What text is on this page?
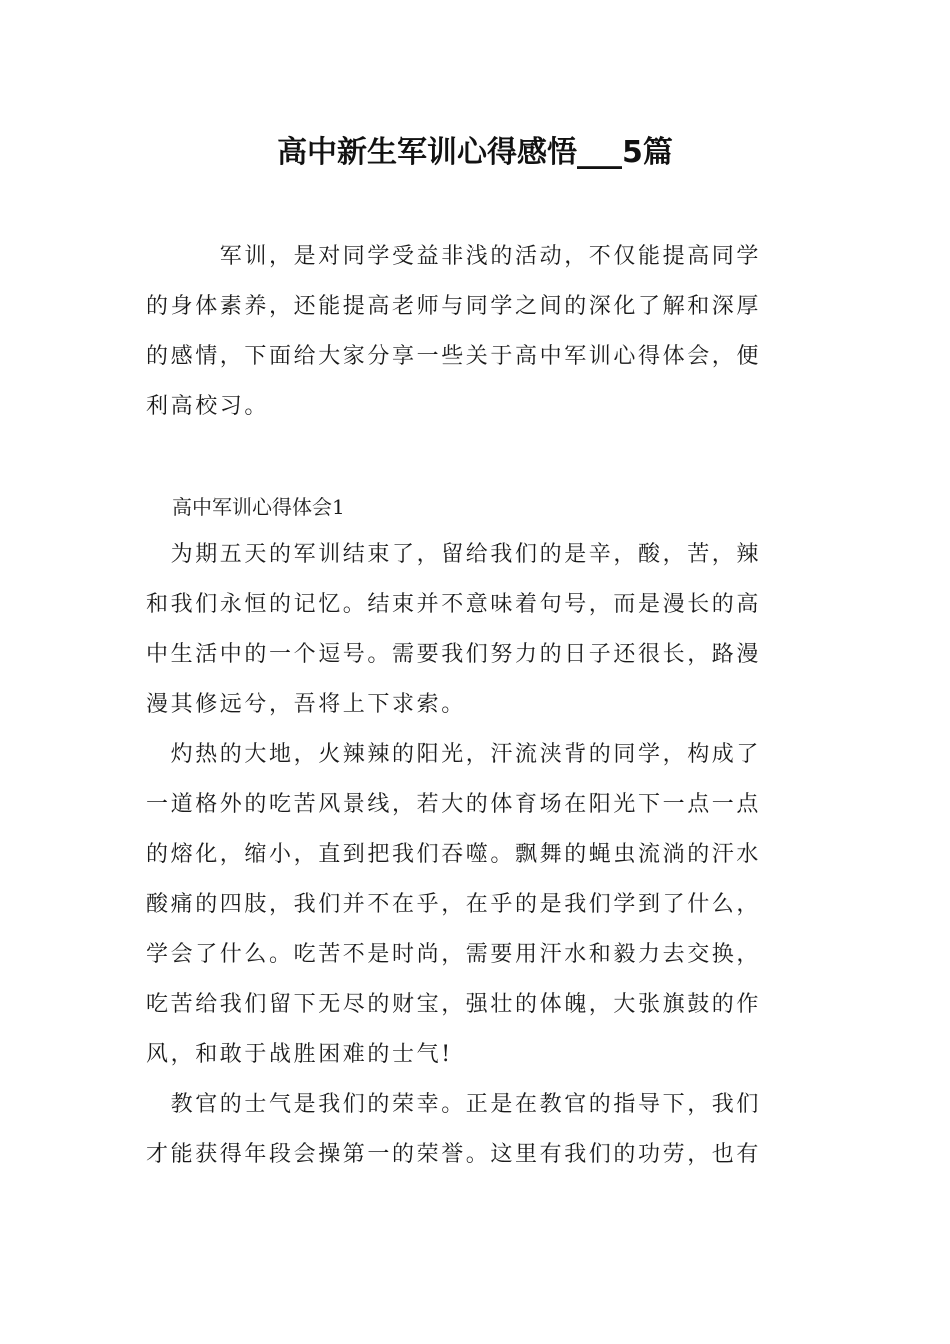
高中新生军训心得感悟___5篇
　　　军训，是对同学受益非浅的活动，不仅能提高同学
的身体素养，还能提高老师与同学之间的深化了解和深厚
的感情，下面给大家分享一些关于高中军训心得体会，便
利高校习。
高中军训心得体会1
　为期五天的军训结束了，留给我们的是辛，酸，苦，辣
和我们永恒的记忆。结束并不意味着句号，而是漫长的高
中生活中的一个逗号。需要我们努力的日子还很长，路漫
漫其修远兮，吾将上下求索。
　灼热的大地，火辣辣的阳光，汗流浃背的同学，构成了
一道格外的吃苦风景线，若大的体育场在阳光下一点一点
的熔化，缩小，直到把我们吞噬。飘舞的蝇虫流淌的汗水
酸痛的四肢，我们并不在乎，在乎的是我们学到了什么，
学会了什么。吃苦不是时尚，需要用汗水和毅力去交换，
吃苦给我们留下无尽的财宝，强壮的体魄，大张旗鼓的作
风，和敢于战胜困难的士气!
　教官的士气是我们的荣幸。正是在教官的指导下，我们
才能获得年段会操第一的荣誉。这里有我们的功劳，也有
